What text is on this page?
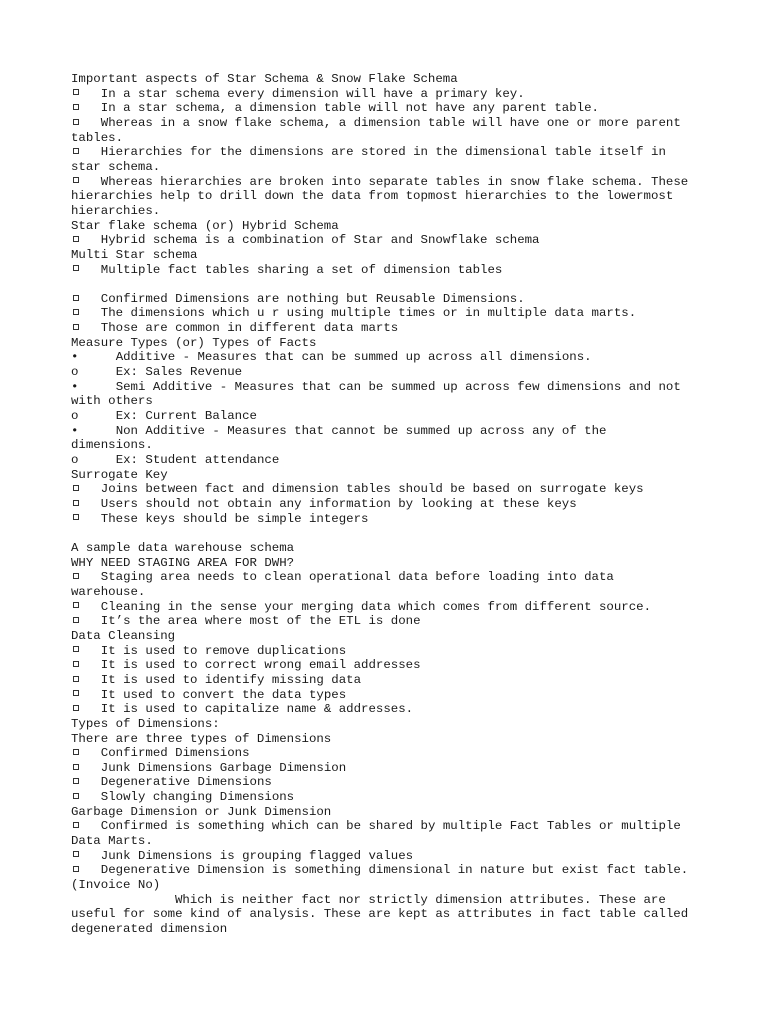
Important aspects of Star Schema & Snow Flake Schema
In a star schema every dimension will have a primary key.
In a star schema, a dimension table will not have any parent table.
Whereas in a snow flake schema, a dimension table will have one or more parent
tables.
Hierarchies for the dimensions are stored in the dimensional table itself in
star schema.
Whereas hierarchies are broken into separate tables in snow flake schema. These
hierarchies help to drill down the data from topmost hierarchies to the lowermost
hierarchies.
Star flake schema (or) Hybrid Schema
Hybrid schema is a combination of Star and Snowflake schema
Multi Star schema
Multiple fact tables sharing a set of dimension tables
Confirmed Dimensions are nothing but Reusable Dimensions.
The dimensions which u r using multiple times or in multiple data marts.
Those are common in different data marts
Measure Types (or) Types of Facts
•	Additive - Measures that can be summed up across all dimensions.
o	Ex: Sales Revenue
•	Semi Additive - Measures that can be summed up across few dimensions and not
with others
o	Ex: Current Balance
•	Non Additive - Measures that cannot be summed up across any of the
dimensions.
o	Ex: Student attendance
Surrogate Key
Joins between fact and dimension tables should be based on surrogate keys
Users should not obtain any information by looking at these keys
These keys should be simple integers
A sample data warehouse schema
WHY NEED STAGING AREA FOR DWH?
Staging area needs to clean operational data before loading into data
warehouse.
Cleaning in the sense your merging data which comes from different source.
It’s the area where most of the ETL is done
Data Cleansing
It is used to remove duplications
It is used to correct wrong email addresses
It is used to identify missing data
It used to convert the data types
It is used to capitalize name & addresses.
Types of Dimensions:
There are three types of Dimensions
Confirmed Dimensions
Junk Dimensions Garbage Dimension
Degenerative Dimensions
Slowly changing Dimensions
Garbage Dimension or Junk Dimension
Confirmed is something which can be shared by multiple Fact Tables or multiple
Data Marts.
Junk Dimensions is grouping flagged values
Degenerative Dimension is something dimensional in nature but exist fact table.
(Invoice No)
Which is neither fact nor strictly dimension attributes. These are
useful for some kind of analysis. These are kept as attributes in fact table called
degenerated dimension
